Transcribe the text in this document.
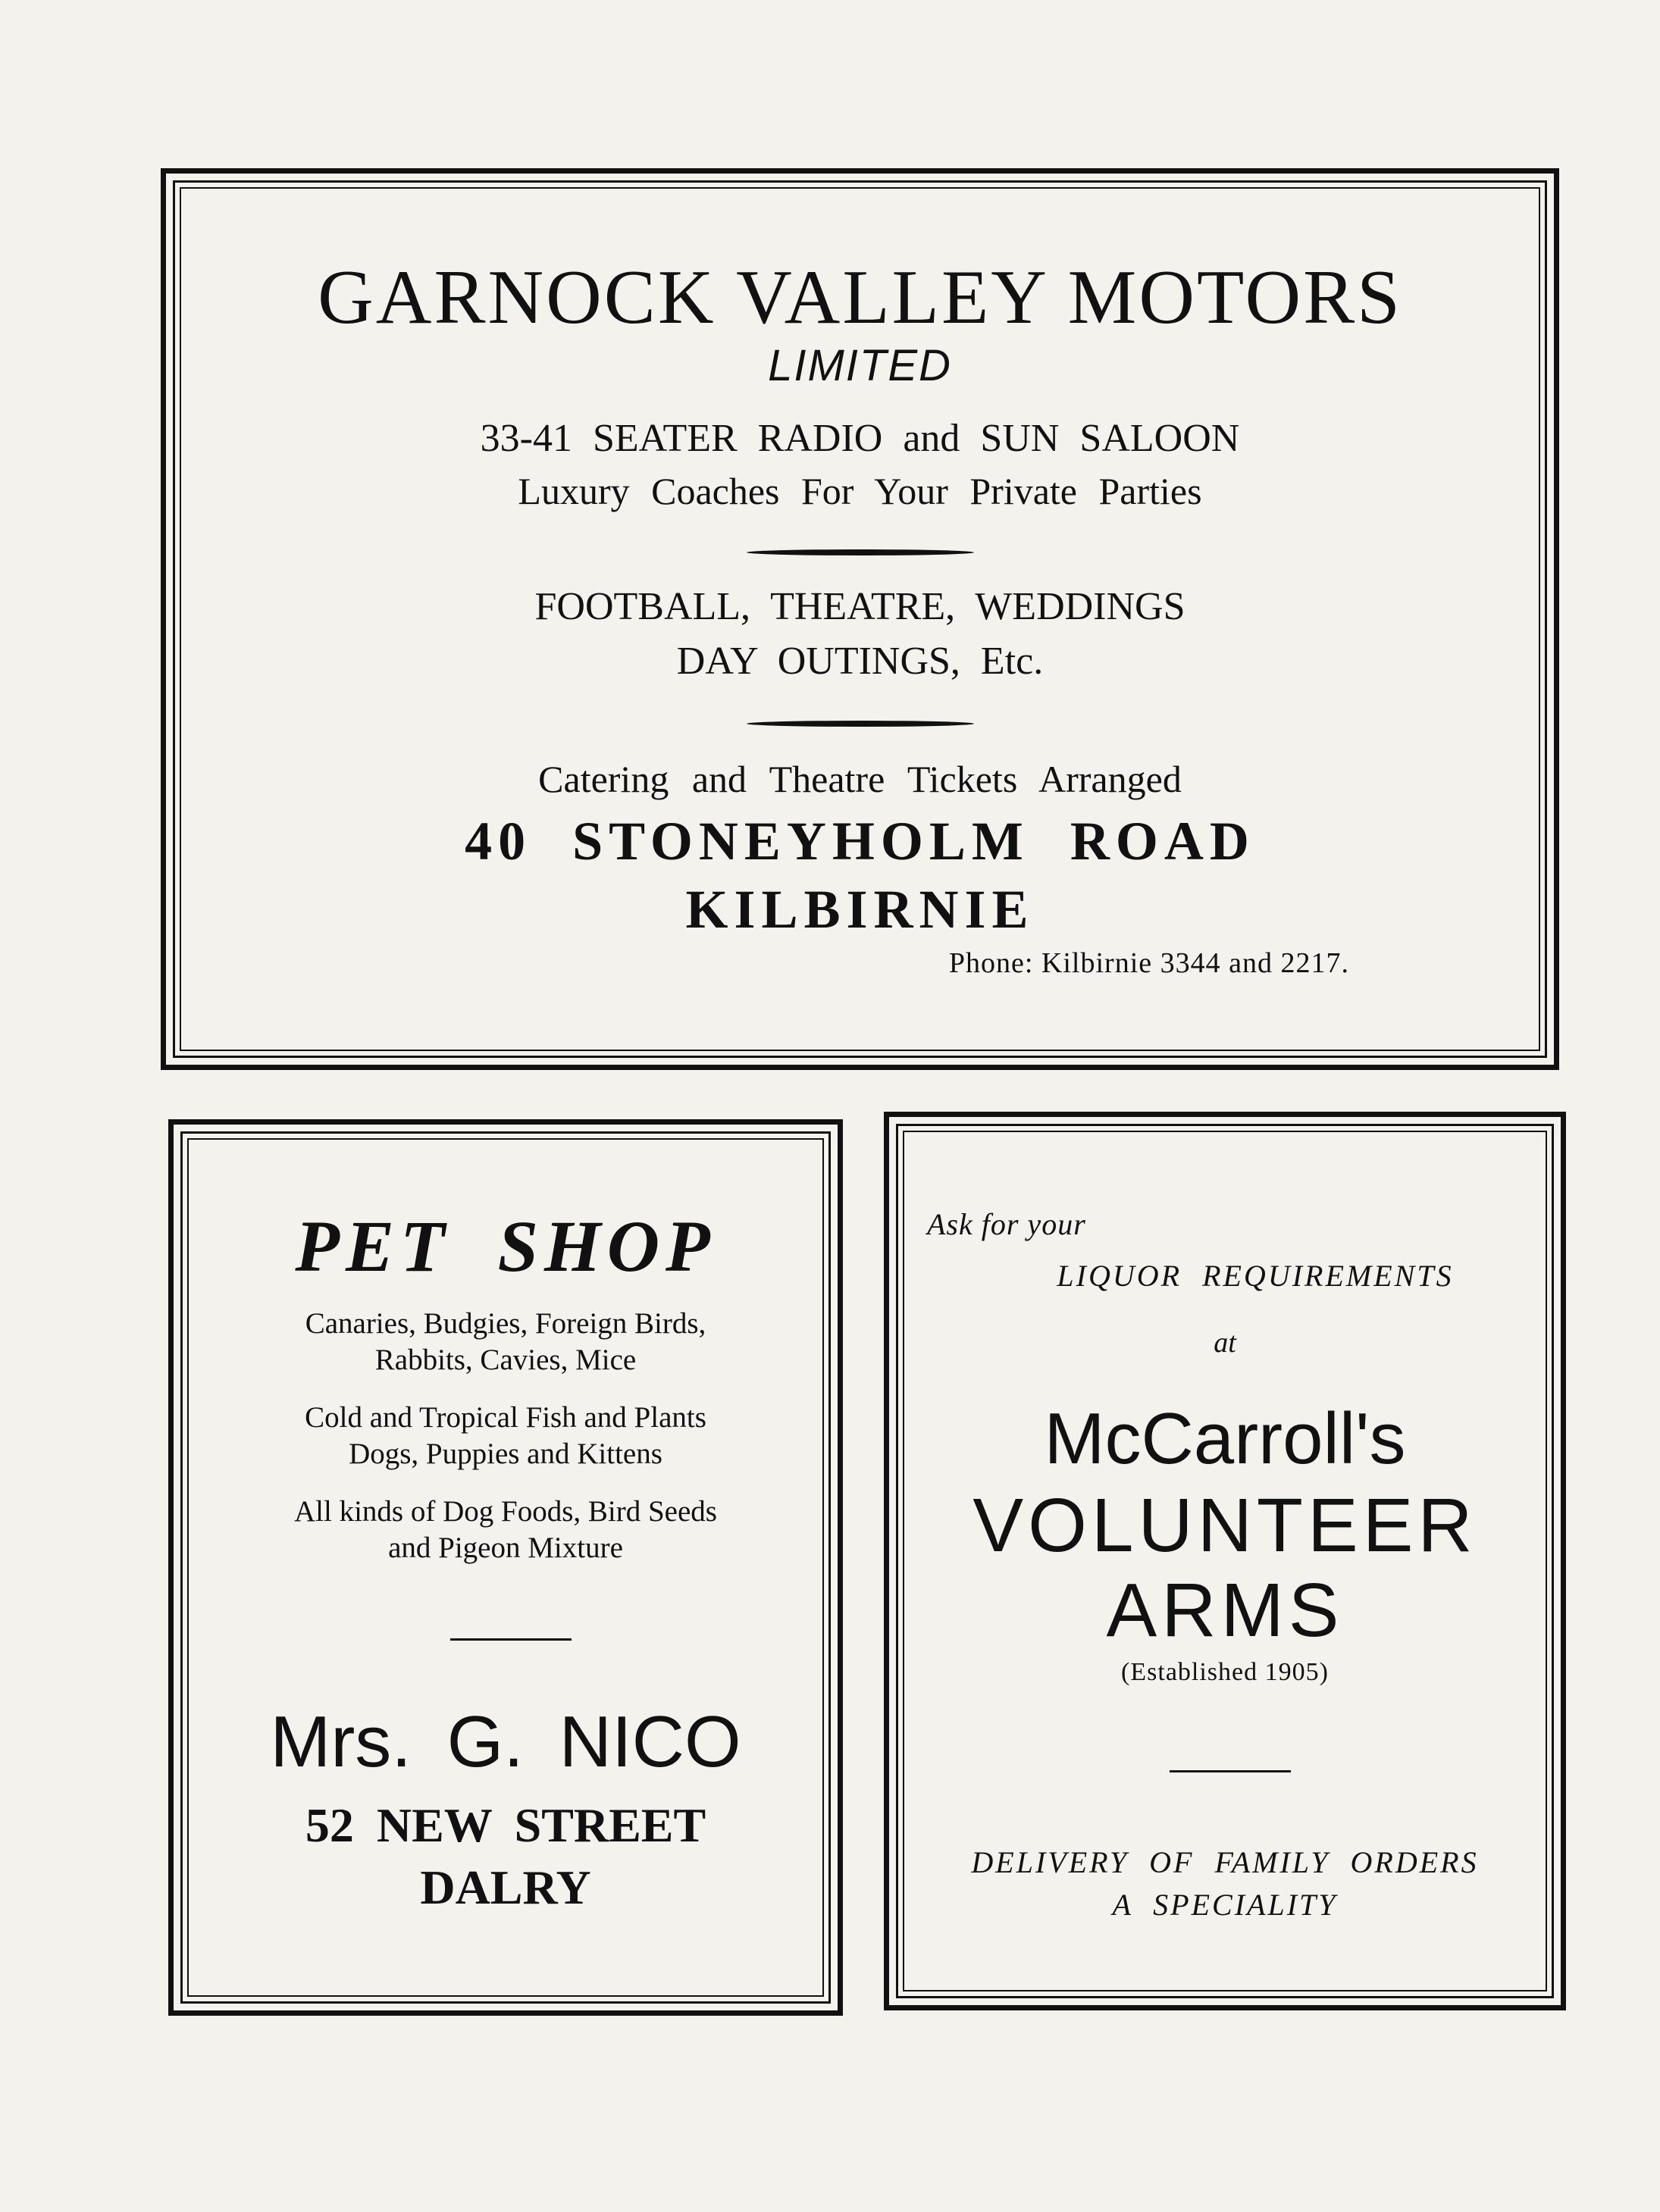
GARNOCK VALLEY MOTORS
LIMITED
33-41 SEATER RADIO and SUN SALOON
Luxury Coaches For Your Private Parties
FOOTBALL, THEATRE, WEDDINGS
DAY OUTINGS, Etc.
Catering and Theatre Tickets Arranged
40 STONEYHOLM ROAD
KILBIRNIE
Phone: Kilbirnie 3344 and 2217.
PET SHOP
Canaries, Budgies, Foreign Birds,
Rabbits, Cavies, Mice
Cold and Tropical Fish and Plants
Dogs, Puppies and Kittens
All kinds of Dog Foods, Bird Seeds
and Pigeon Mixture
Mrs. G. NICO
52 NEW STREET
DALRY
Ask for your
LIQUOR REQUIREMENTS
at
McCarroll's
VOLUNTEER
ARMS
(Established 1905)
DELIVERY OF FAMILY ORDERS
A SPECIALITY
